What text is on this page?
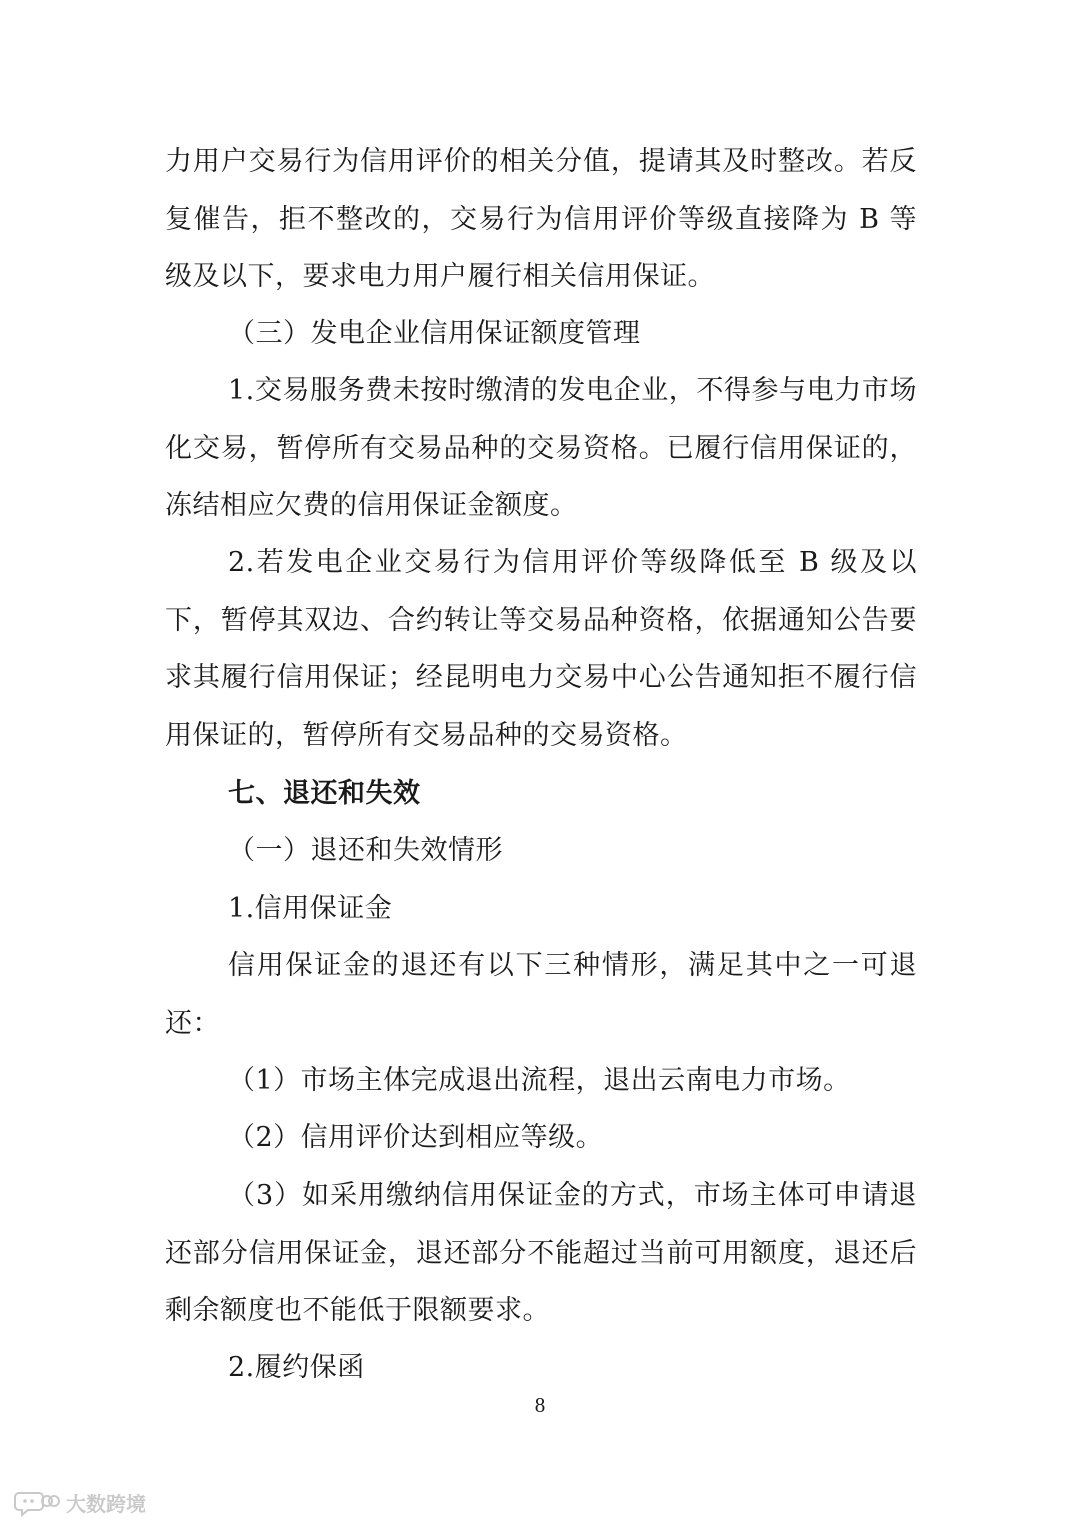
力用户交易行为信用评价的相关分值，提请其及时整改。若反复催告，拒不整改的，交易行为信用评价等级直接降为 B 等级及以下，要求电力用户履行相关信用保证。

（三）发电企业信用保证额度管理

1.交易服务费未按时缴清的发电企业，不得参与电力市场化交易，暂停所有交易品种的交易资格。已履行信用保证的，冻结相应欠费的信用保证金额度。

2.若发电企业交易行为信用评价等级降低至 B 级及以下，暂停其双边、合约转让等交易品种资格，依据通知公告要求其履行信用保证；经昆明电力交易中心公告通知拒不履行信用保证的，暂停所有交易品种的交易资格。

七、退还和失效

（一）退还和失效情形

1.信用保证金

信用保证金的退还有以下三种情形，满足其中之一可退还：

（1）市场主体完成退出流程，退出云南电力市场。

（2）信用评价达到相应等级。

（3）如采用缴纳信用保证金的方式，市场主体可申请退还部分信用保证金，退还部分不能超过当前可用额度，退还后剩余额度也不能低于限额要求。

2.履约保函

8
大数跨境
